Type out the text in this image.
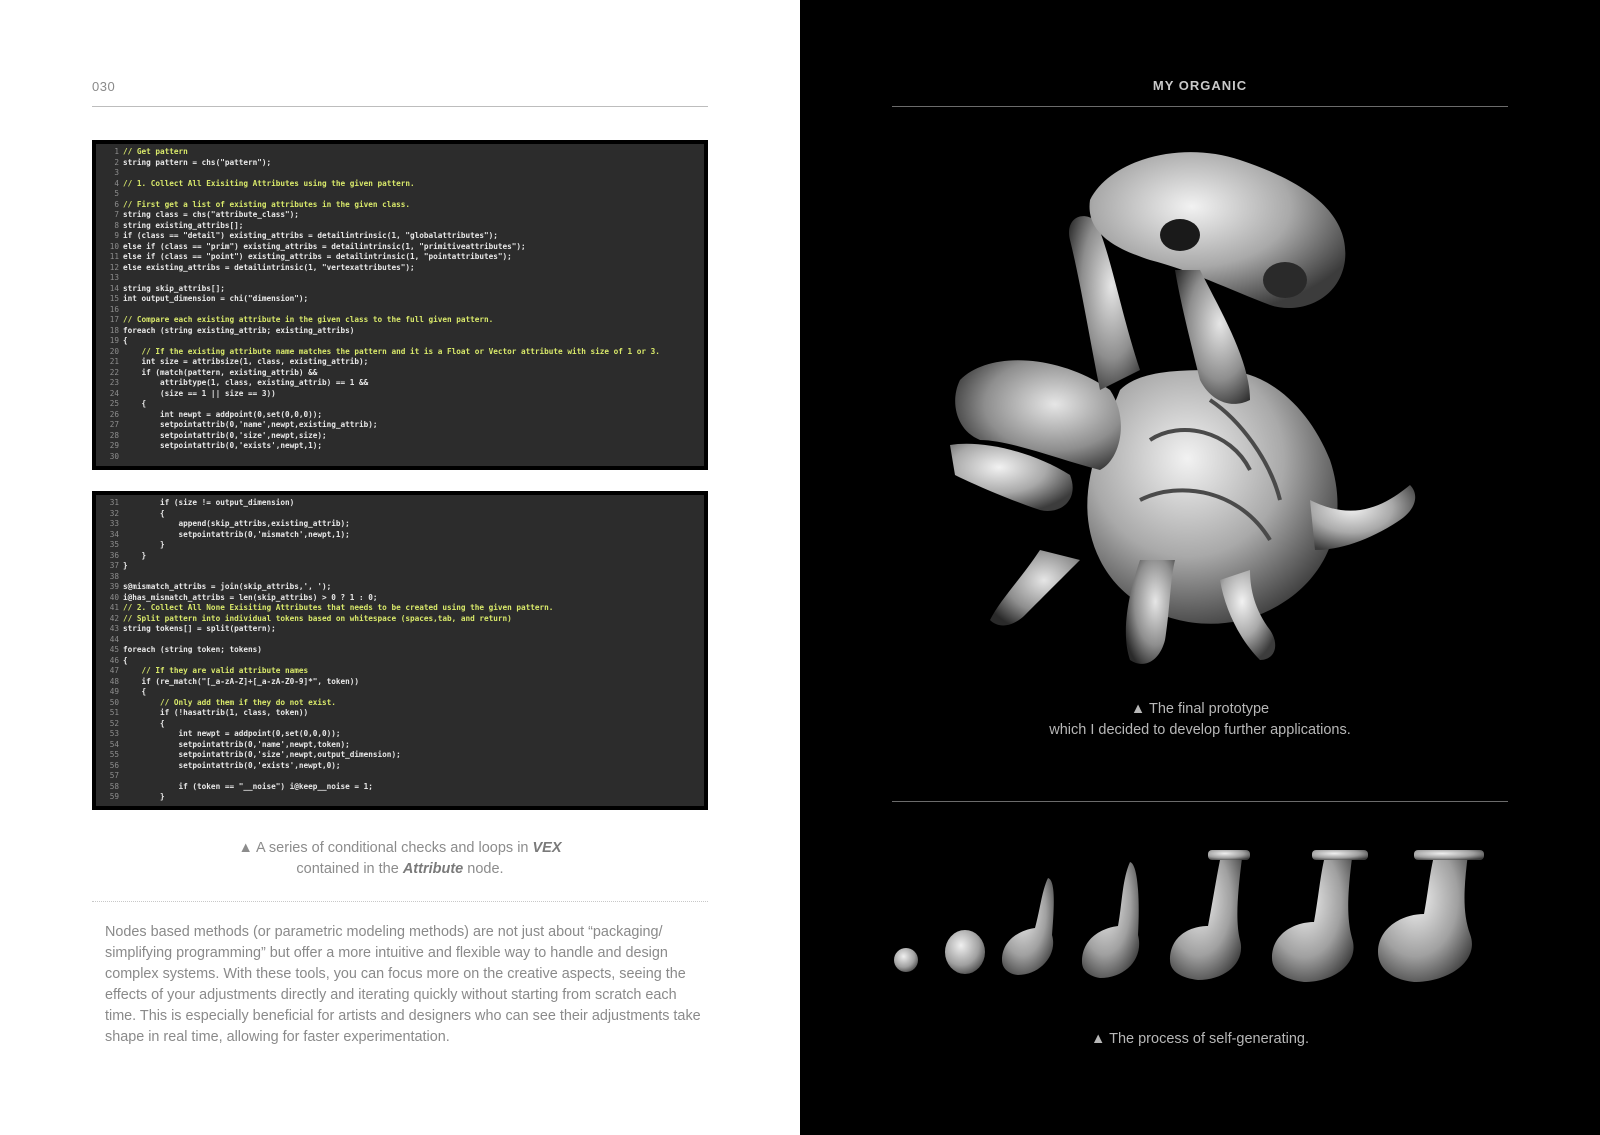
030
1 // Get pattern
2 string pattern = chs("pattern");
3
4 // 1. Collect All Exisiting Attributes using the given pattern.
5
6 // First get a list of existing attributes in the given class.
7 string class = chs("attribute_class");
8 string existing_attribs[];
9 if (class == "detail") existing_attribs = detailintrinsic(1, "globalattributes");
10 else if (class == "prim") existing_attribs = detailintrinsic(1, "primitiveattributes");
11 else if (class == "point") existing_attribs = detailintrinsic(1, "pointattributes");
12 else existing_attribs = detailintrinsic(1, "vertexattributes");
13
14 string skip_attribs[];
15 int output_dimension = chi("dimension");
16
17 // Compare each existing attribute in the given class to the full given pattern.
18 foreach (string existing_attrib; existing_attribs)
19 {
20 // If the existing attribute name matches the pattern and it is a Float or Vector attribute with size of 1 or 3.
21 int size = attribsize(1, class, existing_attrib);
22 if (match(pattern, existing_attrib) &&
23 attribtype(1, class, existing_attrib) == 1 &&
24 (size == 1 || size == 3))
25 {
26 int newpt = addpoint(0,set(0,0,0));
27 setpointattrib(0,'name',newpt,existing_attrib);
28 setpointattrib(0,'size',newpt,size);
29 setpointattrib(0,'exists',newpt,1);
30
31 if (size != output_dimension)
32 {
33 append(skip_attribs,existing_attrib);
34 setpointattrib(0,'mismatch',newpt,1);
35 }
36 }
37 }
38
39 s@mismatch_attribs = join(skip_attribs,', ');
40 i@has_mismatch_attribs = len(skip_attribs) > 0 ? 1 : 0;
41 // 2. Collect All None Exisiting Attributes that needs to be created using the given pattern.
42 // Split pattern into individual tokens based on whitespace (spaces,tab, and return)
43 string tokens[] = split(pattern);
44
45 foreach (string token; tokens)
46 {
47 // If they are valid attribute names
48 if (re_match("[_a-zA-Z]+[_a-zA-Z0-9]*", token))
49 {
50 // Only add them if they do not exist.
51 if (!hasattrib(1, class, token))
52 {
53 int newpt = addpoint(0,set(0,0,0));
54 setpointattrib(0,'name',newpt,token);
55 setpointattrib(0,'size',newpt,output_dimension);
56 setpointattrib(0,'exists',newpt,0);
57
58 if (token == "__noise") i@keep__noise = 1;
59 }
▲ A series of conditional checks and loops in VEX
contained in the Attribute node.

Nodes based methods (or parametric modeling methods) are not just about “packaging/ simplifying programming” but offer a more intuitive and flexible way to handle and design complex systems. With these tools, you can focus more on the creative aspects, seeing the effects of your adjustments directly and iterating quickly without starting from scratch each time. This is especially beneficial for artists and designers who can see their adjustments take shape in real time, allowing for faster experimentation.

MY ORGANIC
▲ The final prototype
which I decided to develop further applications.
▲ The process of self-generating.
